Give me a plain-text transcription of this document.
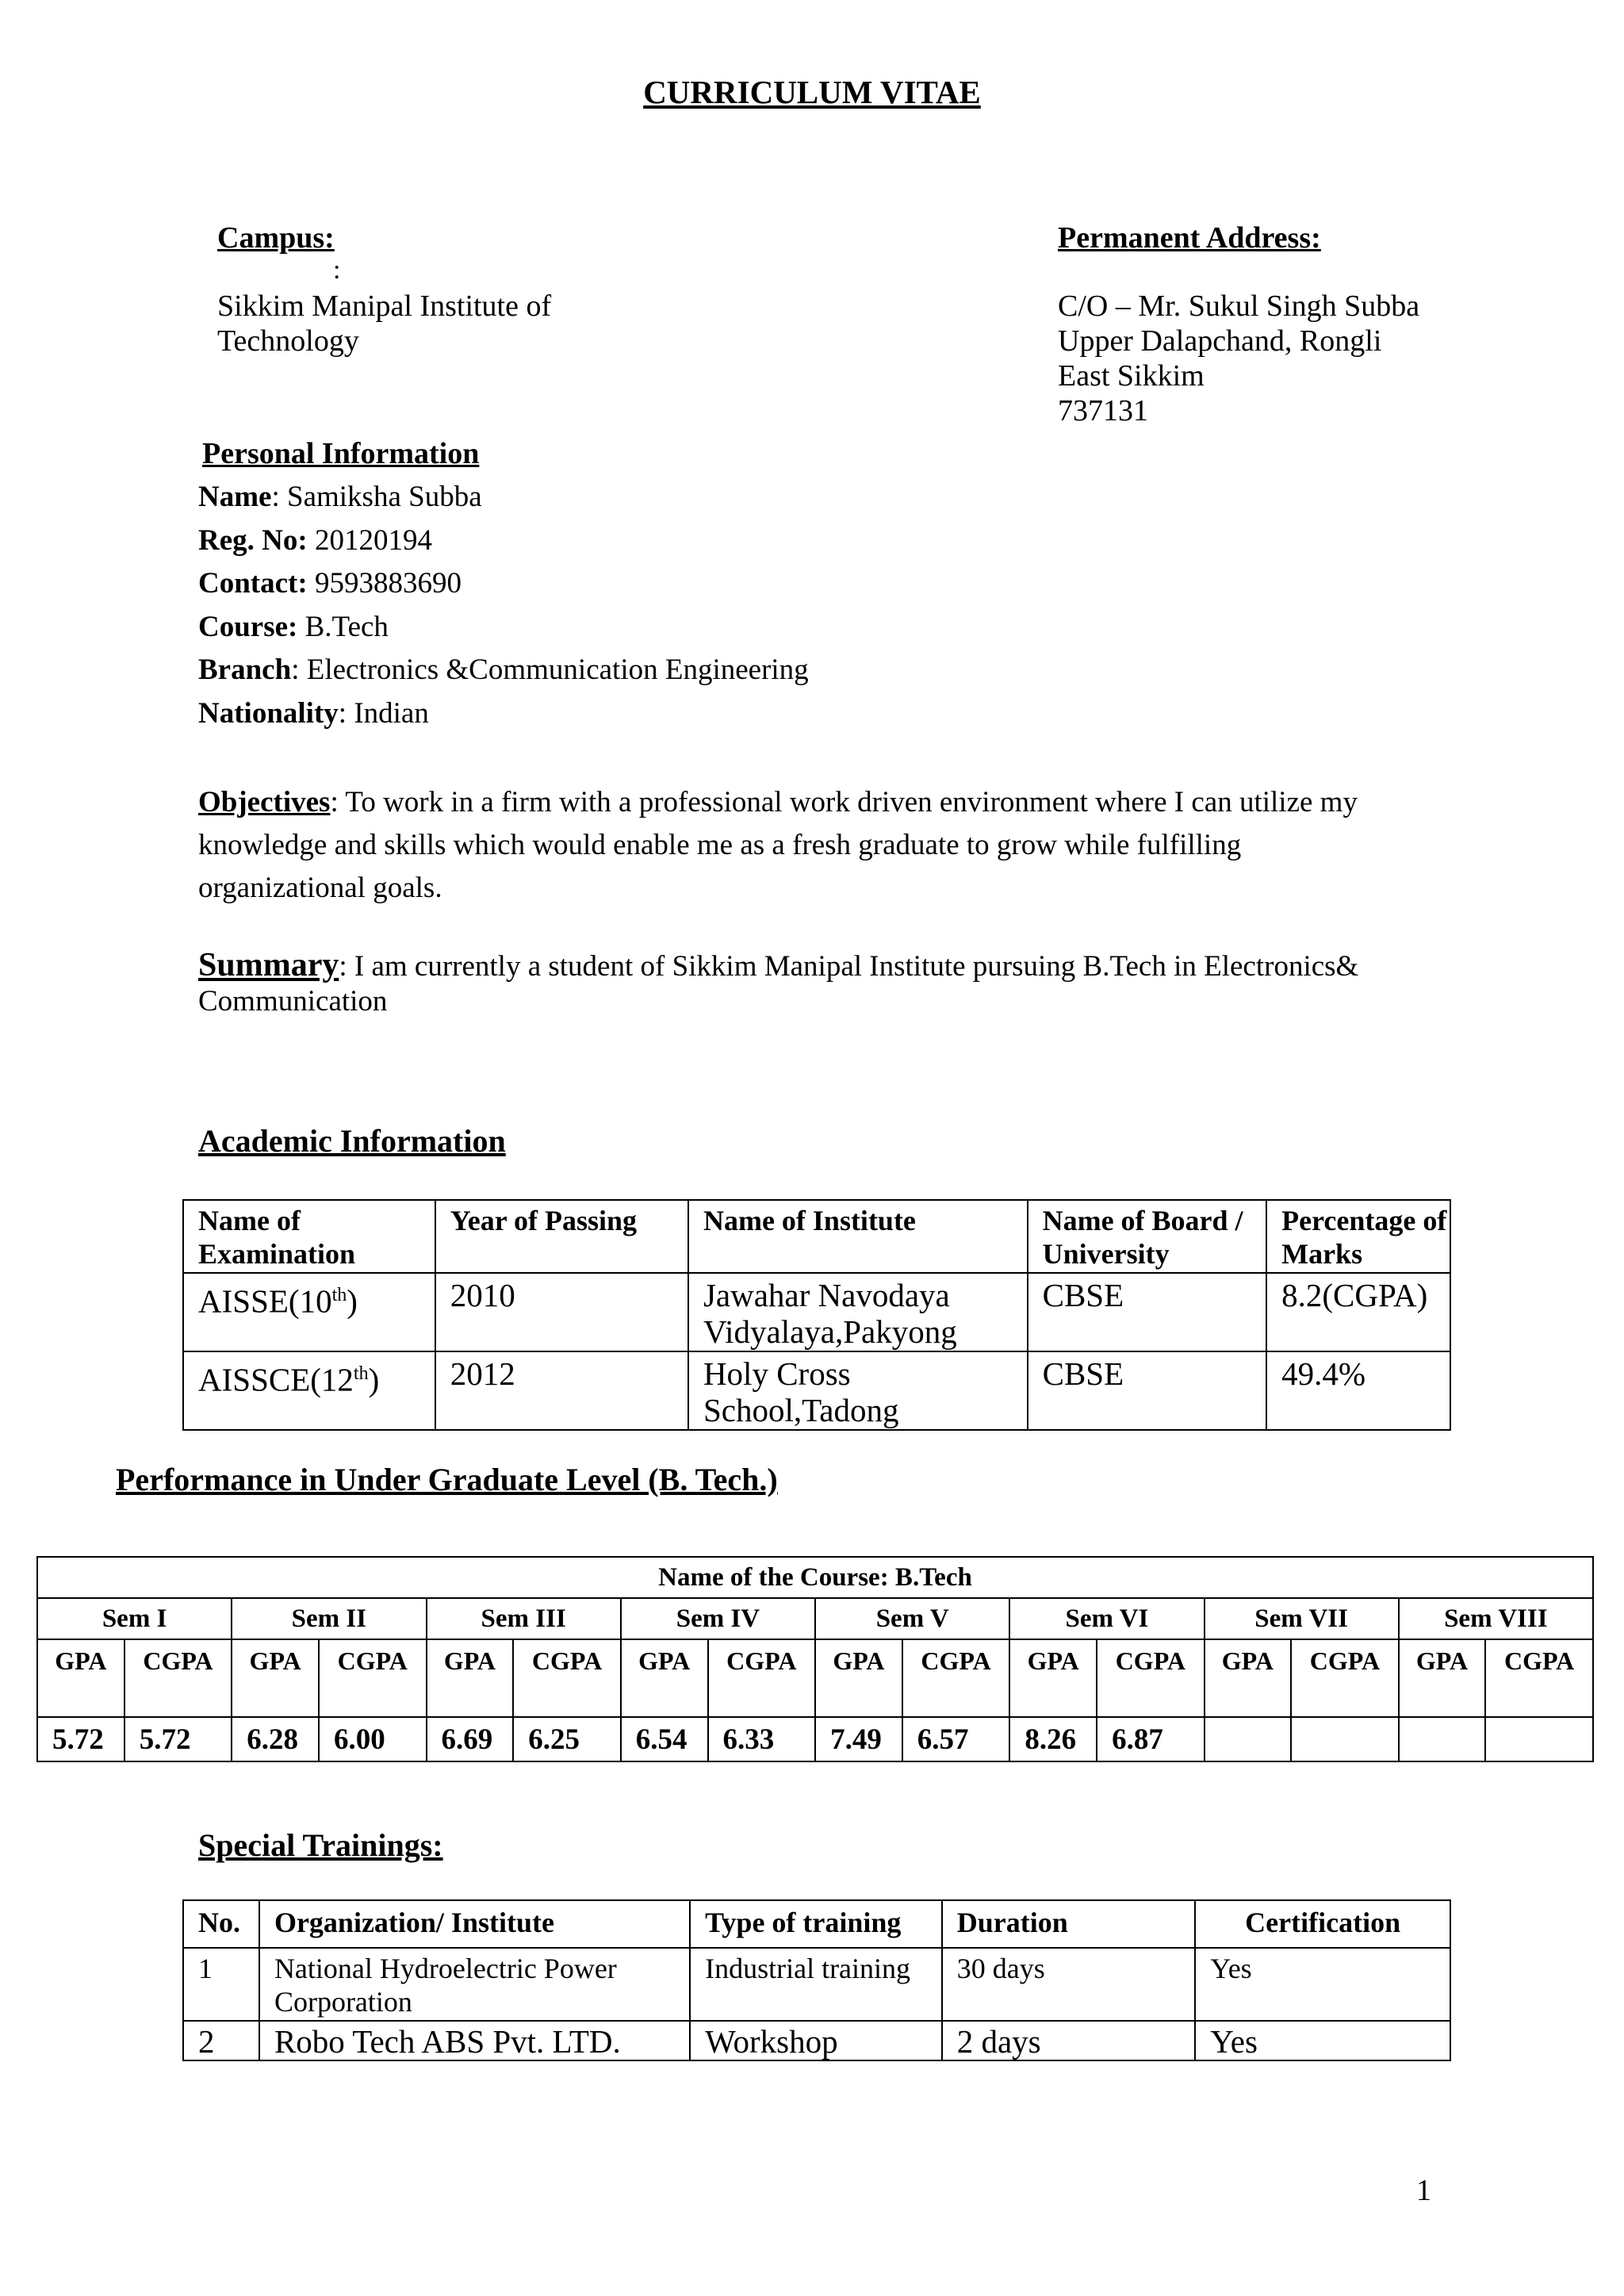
CURRICULUM VITAE
Campus:
:
Sikkim Manipal Institute of
Technology
Permanent Address:
C/O – Mr. Sukul Singh Subba
Upper Dalapchand, Rongli
East Sikkim
737131
Personal Information
Name: Samiksha Subba
Reg. No: 20120194
Contact: 9593883690
Course: B.Tech
Branch: Electronics &Communication Engineering
Nationality: Indian
Objectives: To work in a firm with a professional work driven environment where I can utilize my knowledge and skills which would enable me as a fresh graduate to grow while fulfilling organizational goals.
Summary: I am currently a student of Sikkim Manipal Institute pursuing B.Tech in Electronics& Communication
Academic Information
Name of Examination	Year of Passing	Name of Institute	Name of Board / University	Percentage of Marks
AISSE(10th)	2010	Jawahar Navodaya Vidyalaya,Pakyong	CBSE	8.2(CGPA)
AISSCE(12th)	2012	Holy Cross School,Tadong	CBSE	49.4%
Performance in Under Graduate Level (B. Tech.)
Name of the Course: B.Tech															
Sem I		Sem II		Sem III		Sem IV		Sem V		Sem VI		Sem VII		Sem VIII	
GPA	CGPA	GPA	CGPA	GPA	CGPA	GPA	CGPA	GPA	CGPA	GPA	CGPA	GPA	CGPA	GPA	CGPA
5.72	5.72	6.28	6.00	6.69	6.25	6.54	6.33	7.49	6.57	8.26	6.87				
Special Trainings:
No.	Organization/ Institute	Type of training	Duration	Certification
1	National Hydroelectric Power Corporation	Industrial training	30 days	Yes
2	Robo Tech ABS Pvt. LTD.	Workshop	2 days	Yes
1
